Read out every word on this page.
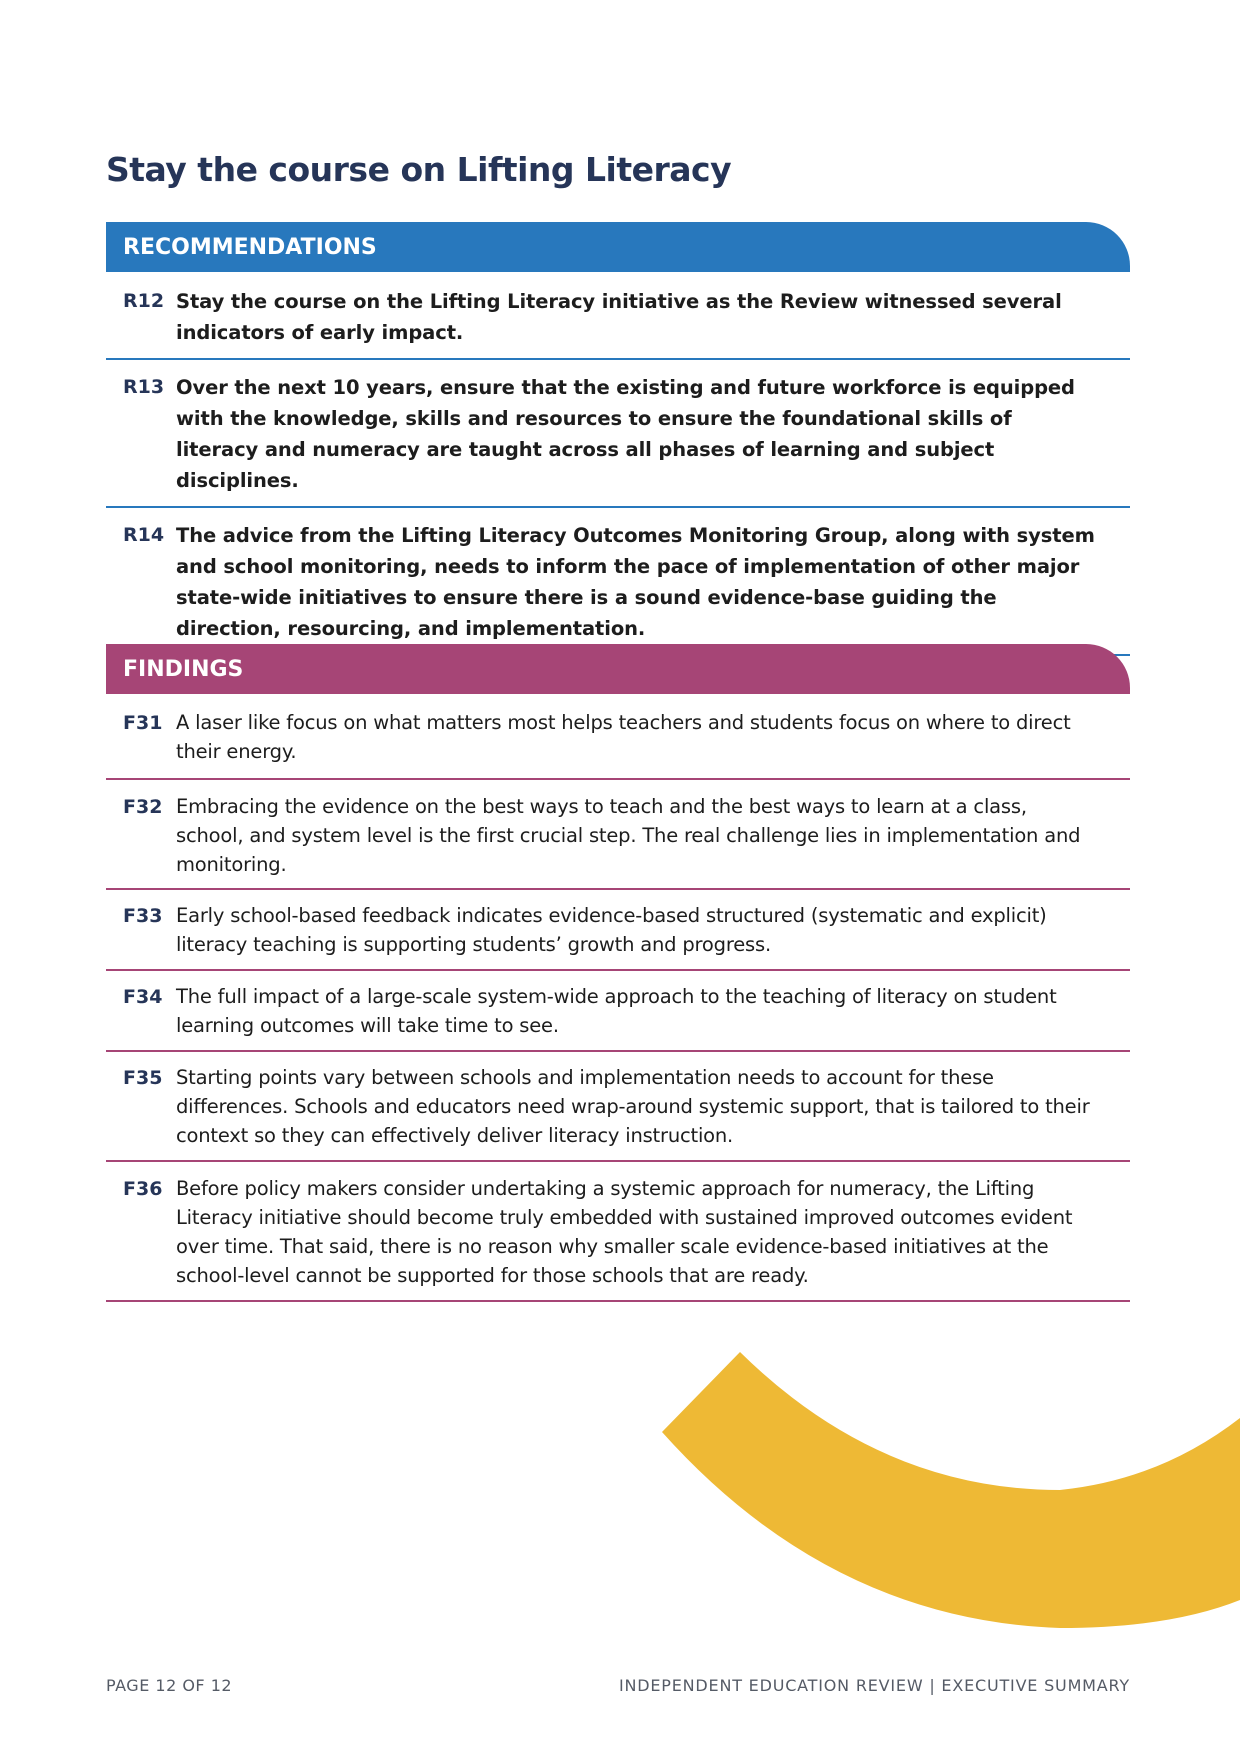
Stay the course on Lifting Literacy
RECOMMENDATIONS
R12 Stay the course on the Lifting Literacy initiative as the Review witnessed several indicators of early impact.
R13 Over the next 10 years, ensure that the existing and future workforce is equipped with the knowledge, skills and resources to ensure the foundational skills of literacy and numeracy are taught across all phases of learning and subject disciplines.
R14 The advice from the Lifting Literacy Outcomes Monitoring Group, along with system and school monitoring, needs to inform the pace of implementation of other major state-wide initiatives to ensure there is a sound evidence-base guiding the direction, resourcing, and implementation.
FINDINGS
F31 A laser like focus on what matters most helps teachers and students focus on where to direct their energy.
F32 Embracing the evidence on the best ways to teach and the best ways to learn at a class, school, and system level is the first crucial step. The real challenge lies in implementation and monitoring.
F33 Early school-based feedback indicates evidence-based structured (systematic and explicit) literacy teaching is supporting students’ growth and progress.
F34 The full impact of a large-scale system-wide approach to the teaching of literacy on student learning outcomes will take time to see.
F35 Starting points vary between schools and implementation needs to account for these differences. Schools and educators need wrap-around systemic support, that is tailored to their context so they can effectively deliver literacy instruction.
F36 Before policy makers consider undertaking a systemic approach for numeracy, the Lifting Literacy initiative should become truly embedded with sustained improved outcomes evident over time. That said, there is no reason why smaller scale evidence-based initiatives at the school-level cannot be supported for those schools that are ready.
PAGE 12 OF 12	INDEPENDENT EDUCATION REVIEW | EXECUTIVE SUMMARY
